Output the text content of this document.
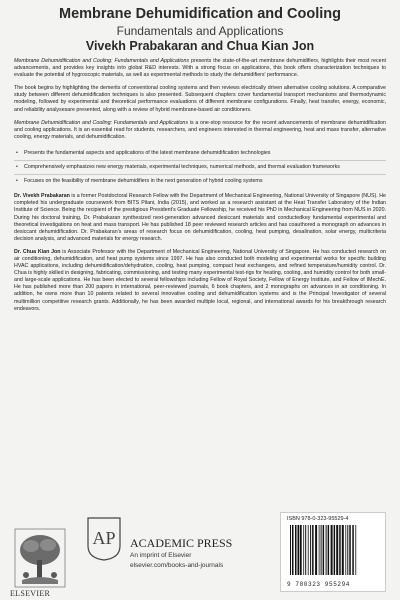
Membrane Dehumidification and Cooling
Fundamentals and Applications
Vivekh Prabakaran and Chua Kian Jon

Membrane Dehumidification and Cooling: Fundamentals and Applications presents the state-of-the-art membrane dehumidifiers, highlights their most recent advancements, and provides key insights into global R&D interests. With a strong focus on applications, this book offers characterization techniques to evaluate the potential of hygroscopic materials, as well as experimental methods to study the dehumidifiers' performance.

The book begins by highlighting the demerits of conventional cooling systems and then reviews electrically driven alternative cooling solutions. A comparative study between different dehumidification techniques is also presented. Subsequent chapters cover fundamental transport mechanisms and thermodynamic modeling, followed by experimental and theoretical performance evaluations of different membrane configurations. Finally, heat transfer, energy, economic, and reliability analysesare presented, along with a review of hybrid membrane-based air conditioners.

Membrane Dehumidification and Cooling: Fundamentals and Applications is a one-stop resource for the recent advancements of membrane dehumidification and cooling applications. It is an essential read for students, researchers, and engineers interested in thermal engineering, heat and mass transfer, alternative cooling, energy materials, and dehumidification.

• Presents the fundamental aspects and applications of the latest membrane dehumidification technologies
• Comprehensively emphasizes new energy materials, experimental techniques, numerical methods, and thermal evaluation frameworks
• Focuses on the feasibility of membrane dehumidifiers in the next generation of hybrid cooling systems

Dr. Vivekh Prabakaran is a former Postdoctoral Research Fellow with the Department of Mechanical Engineering, National University of Singapore (NUS). He completed his undergraduate coursework from BITS Pilani, India (2015), and worked as a research assistant at the Heat Transfer Laboratory of the Indian Institute of Science. Being the recipient of the prestigious President's Graduate Fellowship, he received his PhD in Mechanical Engineering from NUS in 2020. During his doctoral training, Dr. Prabakaran synthesized next-generation advanced desiccant materials and conductedkey fundamental experimental and theoretical investigations on heat and mass transport. He has published 18 peer reviewed research articles and has coauthored a monograph on advances in desiccant dehumidification. Dr. Prabakaran's areas of research focus on dehumidification, cooling, heat pumping, desalination, solar energy, multicriteria decision analysis, and advanced materials for energy research.

Dr. Chua Kian Jon is Associate Professor with the Department of Mechanical Engineering, National University of Singapore. He has conducted research on air conditioning, dehumidification, and heat pump systems since 1997. He has also conducted both modeling and experimental works for specific building HVAC applications, including dehumidification/dehydration, cooling, heat pumping, compact heat exchangers, and refined temperature/humidity control. Dr. Chua is highly skilled in designing, fabricating, commissioning, and testing many experimental test-rigs for heating, cooling, and humidity control for both small- and large-scale applications. He has been elected to several fellowships including Fellow of Royal Society, Fellow of Energy Institute, and Fellow of IMechE. He has published more than 200 papers in international, peer-reviewed journals, 6 book chapters, and 2 monographs on advances in air conditioning. In addition, he owns more than 10 patents related to several innovative cooling and dehumidification systems and is the Principal Investigator of several multimillion competitive research grants. Additionally, he has been awarded multiple local, regional, and international awards for his breakthrough research endeavors.

ELSEVIER
AP ACADEMIC PRESS
An imprint of Elsevier
elsevier.com/books-and-journals
ISBN 978-0-323-95529-4
9 780323 955294
